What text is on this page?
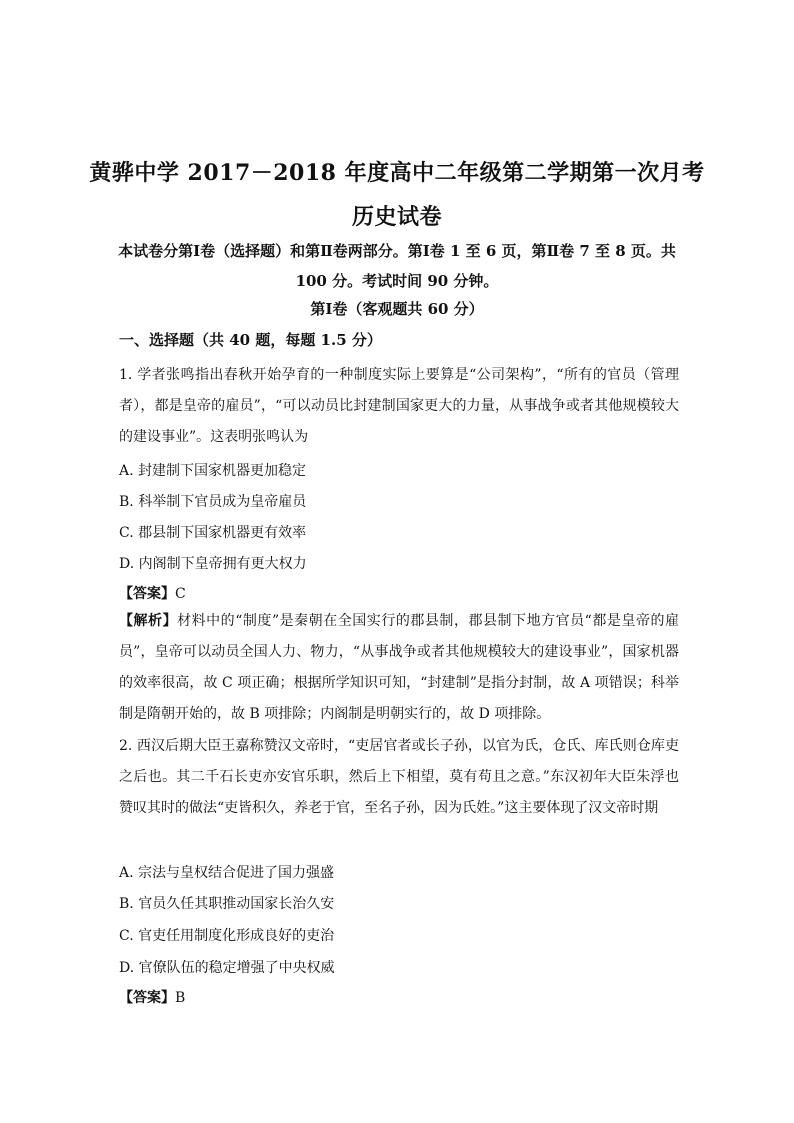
黄骅中学 2017－2018 年度高中二年级第二学期第一次月考
历史试卷
本试卷分第Ⅰ卷（选择题）和第Ⅱ卷两部分。第Ⅰ卷 1 至 6 页，第Ⅱ卷 7 至 8 页。共 100 分。考试时间 90 分钟。
第Ⅰ卷（客观题共 60 分）
一、选择题（共 40 题，每题 1.5 分）
1. 学者张鸣指出春秋开始孕育的一种制度实际上要算是“公司架构”，“所有的官员（管理者），都是皇帝的雇员”，“可以动员比封建制国家更大的力量，从事战争或者其他规模较大的建设事业”。这表明张鸣认为
A. 封建制下国家机器更加稳定
B. 科举制下官员成为皇帝雇员
C. 郡县制下国家机器更有效率
D. 内阁制下皇帝拥有更大权力
【答案】C
【解析】材料中的“制度”是秦朝在全国实行的郡县制，郡县制下地方官员“都是皇帝的雇员”，皇帝可以动员全国人力、物力，“从事战争或者其他规模较大的建设事业”，国家机器的效率很高，故 C 项正确；根据所学知识可知，“封建制”是指分封制，故 A 项错误；科举制是隋朝开始的，故 B 项排除；内阁制是明朝实行的，故 D 项排除。
2. 西汉后期大臣王嘉称赞汉文帝时，“吏居官者或长子孙，以官为氏，仓氏、库氏则仓库吏之后也。其二千石长吏亦安官乐职，然后上下相望，莫有苟且之意。”东汉初年大臣朱浮也赞叹其时的做法“吏皆积久，养老于官，至名子孙，因为氏姓。”这主要体现了汉文帝时期
A. 宗法与皇权结合促进了国力强盛
B. 官员久任其职推动国家长治久安
C. 官吏任用制度化形成良好的吏治
D. 官僚队伍的稳定增强了中央权威
【答案】B
